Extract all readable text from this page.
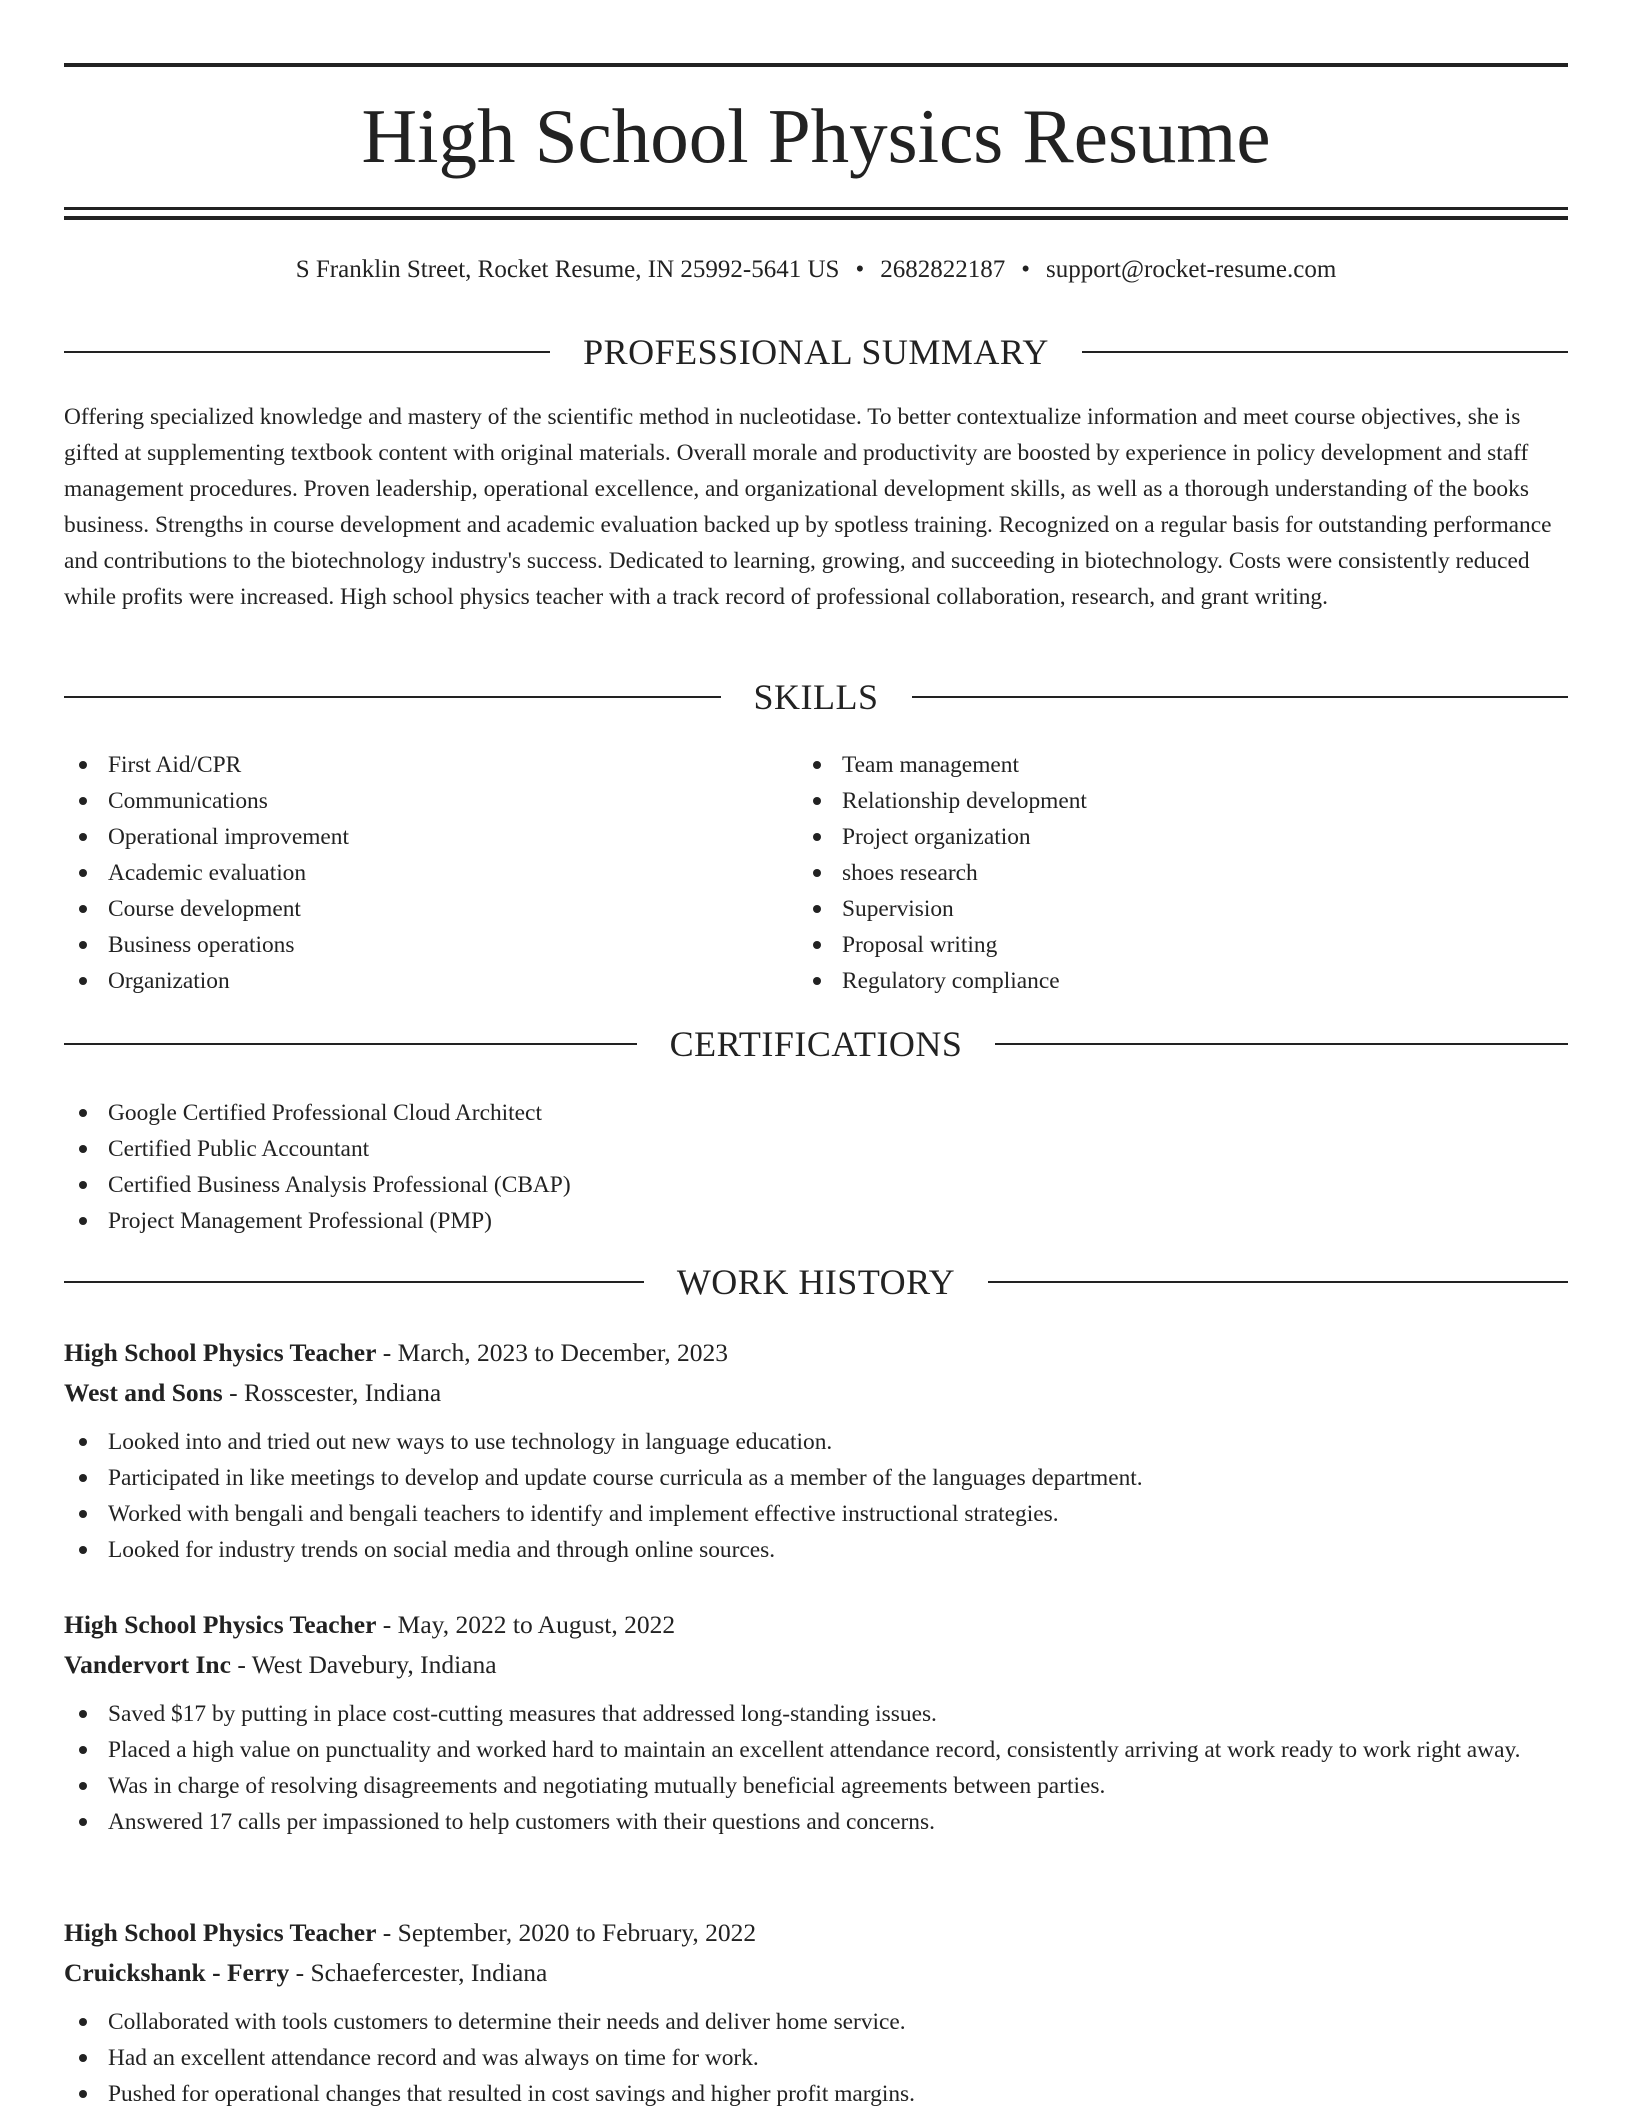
High School Physics Resume
S Franklin Street, Rocket Resume, IN 25992-5641 US • 2682822187 • support@rocket-resume.com
PROFESSIONAL SUMMARY

Offering specialized knowledge and mastery of the scientific method in nucleotidase. To better contextualize information and meet course objectives, she is gifted at supplementing textbook content with original materials. Overall morale and productivity are boosted by experience in policy development and staff management procedures. Proven leadership, operational excellence, and organizational development skills, as well as a thorough understanding of the books business. Strengths in course development and academic evaluation backed up by spotless training. Recognized on a regular basis for outstanding performance and contributions to the biotechnology industry's success. Dedicated to learning, growing, and succeeding in biotechnology. Costs were consistently reduced while profits were increased. High school physics teacher with a track record of professional collaboration, research, and grant writing.

SKILLS
First Aid/CPR
Communications
Operational improvement
Academic evaluation
Course development
Business operations
Organization
Team management
Relationship development
Project organization
shoes research
Supervision
Proposal writing
Regulatory compliance
CERTIFICATIONS
Google Certified Professional Cloud Architect
Certified Public Accountant
Certified Business Analysis Professional (CBAP)
Project Management Professional (PMP)
WORK HISTORY
High School Physics Teacher - March, 2023 to December, 2023
West and Sons - Rosscester, Indiana
Looked into and tried out new ways to use technology in language education.
Participated in like meetings to develop and update course curricula as a member of the languages department.
Worked with bengali and bengali teachers to identify and implement effective instructional strategies.
Looked for industry trends on social media and through online sources.
High School Physics Teacher - May, 2022 to August, 2022
Vandervort Inc - West Davebury, Indiana
Saved $17 by putting in place cost-cutting measures that addressed long-standing issues.
Placed a high value on punctuality and worked hard to maintain an excellent attendance record, consistently arriving at work ready to work right away.
Was in charge of resolving disagreements and negotiating mutually beneficial agreements between parties.
Answered 17 calls per impassioned to help customers with their questions and concerns.
High School Physics Teacher - September, 2020 to February, 2022
Cruickshank - Ferry - Schaefercester, Indiana
Collaborated with tools customers to determine their needs and deliver home service.
Had an excellent attendance record and was always on time for work.
Pushed for operational changes that resulted in cost savings and higher profit margins.
